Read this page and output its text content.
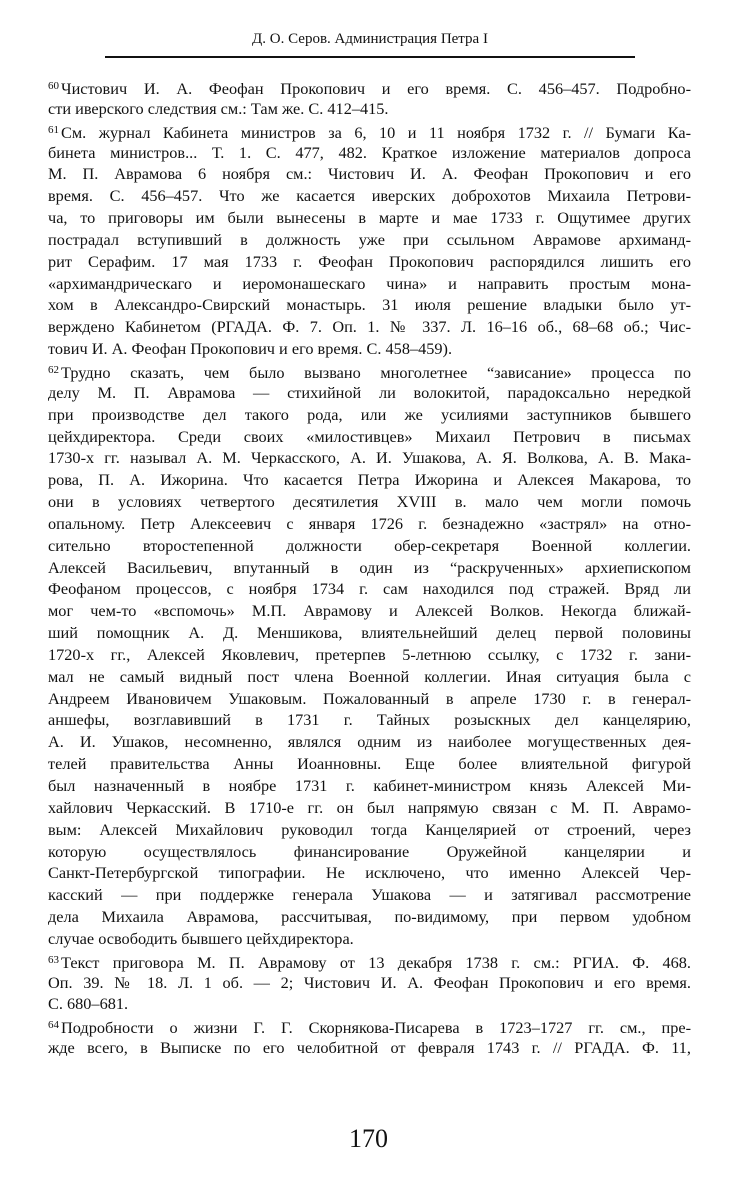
Д. О. Серов. Администрация Петра I
$^{60}$ Чистович И. А. Феофан Прокопович и его время. С. 456–457. Подробно-
сти иверского следствия см.: Там же. С. 412–415.
$^{61}$ См. журнал Кабинета министров за 6, 10 и 11 ноября 1732 г. // Бумаги Ка-
бинета министров... Т. 1. С. 477, 482. Краткое изложение материалов допроса
М. П. Аврамова 6 ноября см.: Чистович И. А. Феофан Прокопович и его
время. С. 456–457. Что же касается иверских доброхотов Михаила Петрови-
ча, то приговоры им были вынесены в марте и мае 1733 г. Ощутимее других
пострадал вступивший в должность уже при ссыльном Аврамове архиманд-
рит Серафим. 17 мая 1733 г. Феофан Прокопович распорядился лишить его
«архимандрическаго и иеромонашескаго чина» и направить простым мона-
хом в Александро-Свирский монастырь. 31 июля решение владыки было ут-
верждено Кабинетом (РГАДА. Ф. 7. Оп. 1. № 337. Л. 16–16 об., 68–68 об.; Чис-
тович И. А. Феофан Прокопович и его время. С. 458–459).
$^{62}$ Трудно сказать, чем было вызвано многолетнее “зависание» процесса по
делу М. П. Аврамова — стихийной ли волокитой, парадоксально нередкой
при производстве дел такого рода, или же усилиями заступников бывшего
цейхдиректора. Среди своих «милостивцев» Михаил Петрович в письмах
1730-х гг. называл А. М. Черкасского, А. И. Ушакова, А. Я. Волкова, А. В. Мака-
рова, П. А. Ижорина. Что касается Петра Ижорина и Алексея Макарова, то
они в условиях четвертого десятилетия XVIII в. мало чем могли помочь
опальному. Петр Алексеевич с января 1726 г. безнадежно «застрял» на отно-
сительно второстепенной должности обер-секретаря Военной коллегии.
Алексей Васильевич, впутанный в один из “раскрученных» архиепископом
Феофаном процессов, с ноября 1734 г. сам находился под стражей. Вряд ли
мог чем-то «вспомочь» М.П. Аврамову и Алексей Волков. Некогда ближай-
ший помощник А. Д. Меншикова, влиятельнейший делец первой половины
1720-х гг., Алексей Яковлевич, претерпев 5-летнюю ссылку, с 1732 г. зани-
мал не самый видный пост члена Военной коллегии. Иная ситуация была с
Андреем Ивановичем Ушаковым. Пожалованный в апреле 1730 г. в генерал-
аншефы, возглавивший в 1731 г. Тайных розыскных дел канцелярию,
А. И. Ушаков, несомненно, являлся одним из наиболее могущественных дея-
телей правительства Анны Иоанновны. Еще более влиятельной фигурой
был назначенный в ноябре 1731 г. кабинет-министром князь Алексей Ми-
хайлович Черкасский. В 1710-е гг. он был напрямую связан с М. П. Аврамо-
вым: Алексей Михайлович руководил тогда Канцелярией от строений, через
которую осуществлялось финансирование Оружейной канцелярии и
Санкт-Петербургской типографии. Не исключено, что именно Алексей Чер-
касский — при поддержке генерала Ушакова — и затягивал рассмотрение
дела Михаила Аврамова, рассчитывая, по-видимому, при первом удобном
случае освободить бывшего цейхдиректора.
$^{63}$ Текст приговора М. П. Аврамову от 13 декабря 1738 г. см.: РГИА. Ф. 468.
Оп. 39. № 18. Л. 1 об. — 2; Чистович И. А. Феофан Прокопович и его время.
С. 680–681.
$^{64}$ Подробности о жизни Г. Г. Скорнякова-Писарева в 1723–1727 гг. см., пре-
жде всего, в Выписке по его челобитной от февраля 1743 г. // РГАДА. Ф. 11,
170
